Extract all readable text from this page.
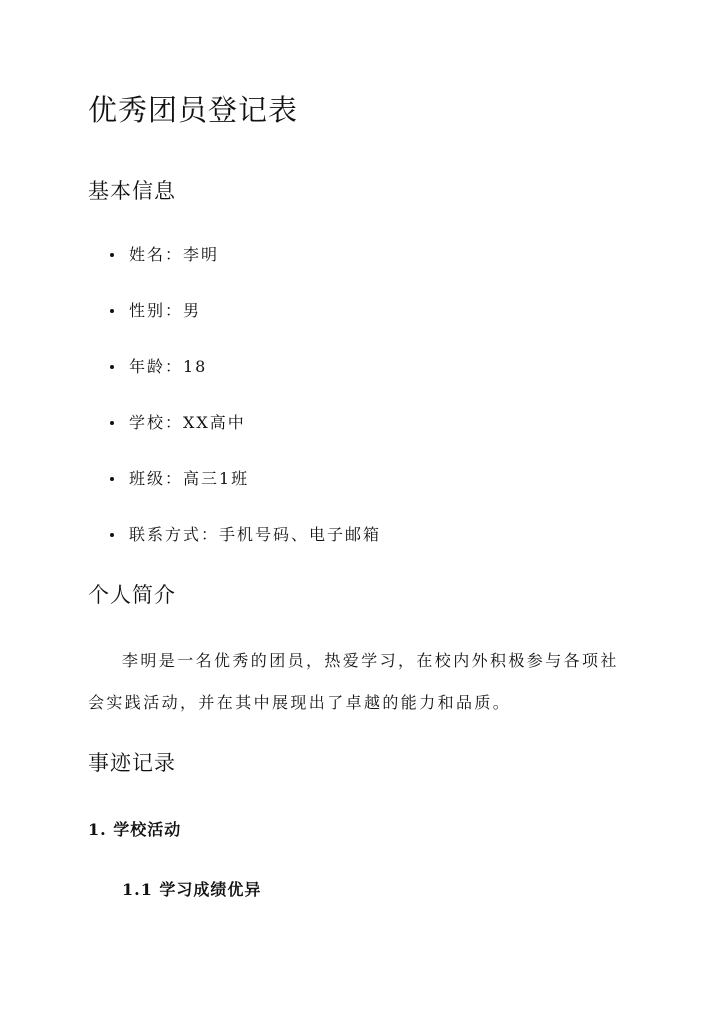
优秀团员登记表
基本信息
姓名：李明
性别：男
年龄：18
学校：XX高中
班级：高三1班
联系方式：手机号码、电子邮箱
个人简介
李明是一名优秀的团员，热爱学习，在校内外积极参与各项社
会实践活动，并在其中展现出了卓越的能力和品质。
事迹记录
1. 学校活动
1.1 学习成绩优异
